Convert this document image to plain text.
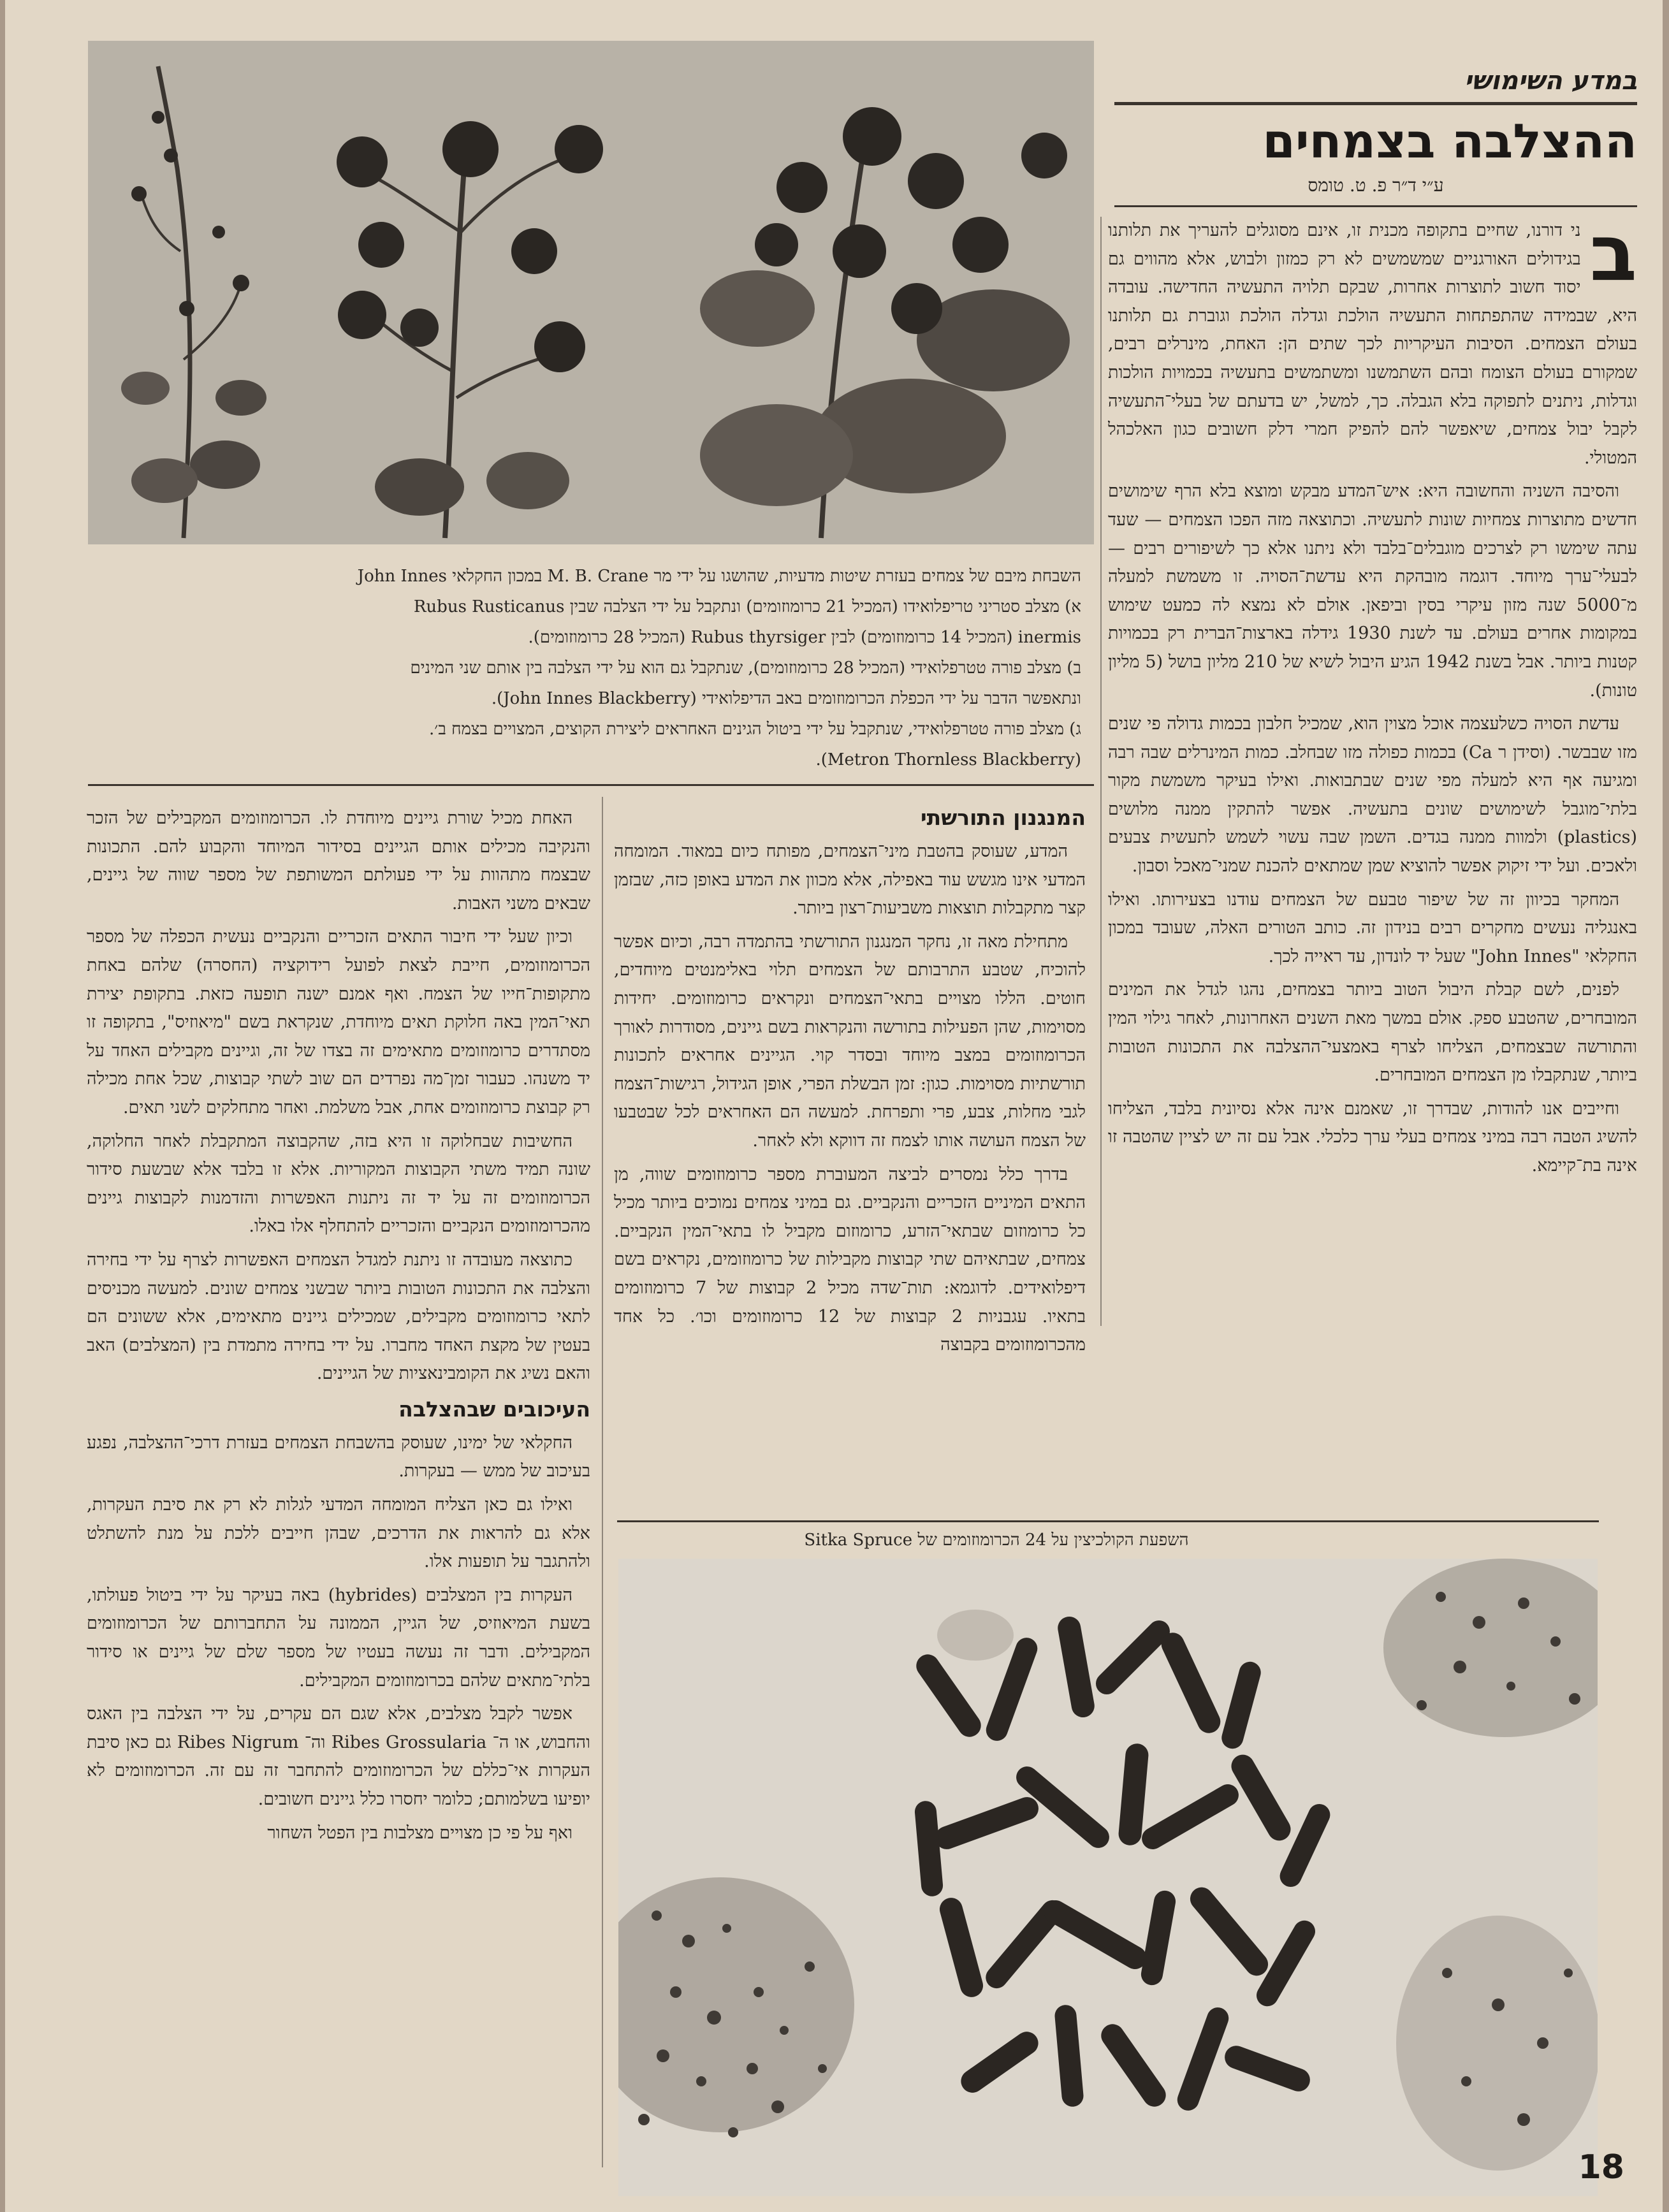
במדע השימושי
ההצלבה בצמחים
ע״י ד״ר פ. ט. טומס
ב

ני דורנו, שחיים בתקופה מכנית זו, אינם מסוגלים להעריך את תלותנו בגידולים האורגניים שמשמשים לא רק כמזון ולבוש, אלא מהווים גם יסוד חשוב לתוצרות אחרות, שבקם תלויה התעשיה החדישה. עובדה היא, שבמידה שהתפתחות התעשיה הולכת וגדלה הולכת וגוברת גם תלותנו בעולם הצמחים. הסיבות העיקריות לכך שתים הן: האחת, מינרלים רבים, שמקורם בעולם הצומח ובהם השתמשנו ומשתמשים בתעשיה בכמויות הולכות וגדלות, ניתנים לתפוקה בלא הגבלה. כך, למשל, יש בדעתם של בעלי־התעשיה לקבל יבול צמחים, שיאפשר להם להפיק חמרי דלק חשובים כגון האלכהל המטולי.

והסיבה השניה והחשובה היא: איש־המדע מבקש ומוצא בלא הרף שימושים חדשים מתוצרות צמחיות שונות לתעשיה. וכתוצאה מזה הפכו הצמחים — שעד עתה שימשו רק לצרכים מוגבלים־בלבד ולא ניתנו אלא כך לשיפורים רבים — לבעלי־ערך מיוחד. דוגמה מובהקת היא עדשת־הסויה. זו משמשת למעלה מ־5000 שנה מזון עיקרי בסין וביפאן. אולם לא נמצא לה כמעט שימוש במקומות אחרים בעולם. עד לשנת 1930 גידלה בארצות־הברית רק בכמויות קטנות ביותר. אבל בשנת 1942 הגיע היבול לשיא של 210 מליון בושל (5 מליון טונות).

עדשת הסויה כשלעצמה אוכל מצוין הוא, שמכיל חלבון בכמות גדולה פי שנים מזו שבבשר. (וסידן ר Ca) בכמות כפולה מזו שבחלב. כמות המינרלים שבה רבה ומגיעה אף היא למעלה מפי שנים שבתבואות. ואילו בעיקר משמשת מקור בלתי־מוגבל לשימושים שונים בתעשיה. אפשר להתקין ממנה מלושים (plastics) ולמוות ממנה בגדים. השמן שבה עשוי לשמש לתעשית צבעים ולאכים. ועל ידי זיקוק אפשר להוציא שמן שמתאים להכנת שמני־מאכל וסבון.

המחקר בכיוון זה של שיפור טבעם של הצמחים עודנו בצעירותו. ואילו באנגליה נעשים מחקרים רבים בנידון זה. כותב הטורים האלה, שעובד במכון החקלאי "John Innes" שעל יד לונדון, עד ראייה לכך.

לפנים, לשם קבלת היבול הטוב ביותר בצמחים, נהגו לגדל את המינים המובחרים, שהטבע ספק. אולם במשך מאת השנים האחרונות, לאחר גילוי המין והתורשה שבצמחים, הצליחו לצרף באמצעי־ההצלבה את התכונות הטובות ביותר, שנתקבלו מן הצמחים המובחרים.

וחייבים אנו להודות, שבדרך זו, שאמנם אינה אלא נסיונית בלבד, הצליחו להשיג הטבה רבה במיני צמחים בעלי ערך כלכלי. אבל עם זה יש לציין שהטבה זו אינה בת־קיימא.

השבחת מיבם של צמחים בעזרת שיטות מדעיות, שהושגו על ידי מר M. B. Crane במכון החקלאי John Innes
א) מצלב סטריני טריפלואידו (המכיל 21 כרומוזומים) ונתקבל על ידי הצלבה שבין Rubus Rusticanus
inermis (המכיל 14 כרומוזומים) לבין Rubus thyrsiger (המכיל 28 כרומוזומים).
ב) מצלב פורה טטרפלואידי (המכיל 28 כרומוזומים), שנתקבל גם הוא על ידי הצלבה בין אותם שני המינים
ונתאפשר הדבר על ידי הכפלת הכרומוזומים באב הדיפלואידי (John Innes Blackberry).
ג) מצלב פורה טטרפלואידי, שנתקבל על ידי ביטול הגינים האחראים ליצירת הקוצים, המצויים בצמח ב׳.
(Metron Thornless Blackberry).
המנגנון התורשתי

המדע, שעוסק בהטבת מיני־הצמחים, מפותח כיום במאוד. המומחה המדעי אינו מגשש עוד באפילה, אלא מכוון את המדע באופן כזה, שבזמן קצר מתקבלות תוצאות משביעות־רצון ביותר.

מתחילת מאה זו, נחקר המנגנון התורשתי בהתמדה רבה, וכיום אפשר להוכיח, שטבע התרבותם של הצמחים תלוי באלימנטים מיוחדים, חוטים. הללו מצויים בתאי־הצמחים ונקראים כרומוזומים. יחידות מסוימות, שהן הפעילות בתורשה והנקראות בשם גיינים, מסודרות לאורך הכרומוזומים במצב מיוחד ובסדר קוי. הגיינים אחראים לתכונות תורשתיות מסוימות. כגון: זמן הבשלת הפרי, אופן הגידול, רגישות־הצמח לגבי מחלות, צבע, פרי ותפרחת. למעשה הם האחראים לכל שבטבעו של הצמח העושה אותו לצמח זה דווקא ולא לאחר.

בדרך כלל נמסרים לביצה המעוברת מספר כרומוזומים שווה, מן התאים המיניים הזכריים והנקביים. גם במיני צמחים נמוכים ביותר מכיל כל כרומוזום שבתאי־הזרע, כרומוזום מקביל לו בתאי־המין הנקביים. צמחים, שבתאיהם שתי קבוצות מקבילות של כרומוזומים, נקראים בשם דיפלואידים. לדוגמא: תות־שדה מכיל 2 קבוצות של 7 כרומוזומים בתאיו. עגבניות 2 קבוצות של 12 כרומוזומים וכו׳. כל אחד מהכרומוזומים בקבוצה

האחת מכיל שורת גיינים מיוחדת לו. הכרומוזומים המקבילים של הזכר והנקיבה מכילים אותם הגיינים בסידור המיוחד והקבוע להם. התכונות שבצמח מתהוות על ידי פעולתם המשותפת של מספר שווה של גיינים, שבאים משני האבות.

וכיון שעל ידי חיבור התאים הזכריים והנקביים נעשית הכפלה של מספר הכרומוזומים, חייבת לצאת לפועל רידוקציה (החסרה) שלהם באחת מתקופות־חייו של הצמח. ואף אמנם ישנה תופעה כזאת. בתקופת יצירת תאי־המין באה חלוקת תאים מיוחדת, שנקראת בשם "מיאוזיס", בתקופה זו מסתדרים כרומוזומים מתאימים זה בצדו של זה, וגיינים מקבילים האחד על יד משנהו. כעבור זמן־מה נפרדים הם שוב לשתי קבוצות, שכל אחת מכילה רק קבוצת כרומוזומים אחת, אבל משלמת. ואחר מתחלקים לשני תאים.

החשיבות שבחלוקה זו היא בזה, שהקבוצה המתקבלת לאחר החלוקה, שונה תמיד משתי הקבוצות המקוריות. אלא זו בלבד אלא שבשעת סידור הכרומוזומים זה על יד זה ניתנות האפשרות והזדמנות לקבוצות גיינים מהכרומוזומים הנקביים והזכריים להתחלף אלו באלו.

כתוצאה מעובדה זו ניתנת למגדל הצמחים האפשרות לצרף על ידי בחירה והצלבה את התכונות הטובות ביותר שבשני צמחים שונים. למעשה מכניסים לתאי כרומוזומים מקבילים, שמכילים גיינים מתאימים, אלא ששונים הם בעטין של מקצת האחד מחברו. על ידי בחירה מתמדת בין (המצלבים) האב והאם נשיג את הקומבינאציות של הגיינים.

העיכובים שבהצלבה

החקלאי של ימינו, שעוסק בהשבחת הצמחים בעזרת דרכי־ההצלבה, נפגע בעיכוב של ממש — בעקרות.

ואילו גם כאן הצליח המומחה המדעי לגלות לא רק את סיבת העקרות, אלא גם להראות את הדרכים, שבהן חייבים ללכת על מנת להשתלט ולהתגבר על תופעות אלו.

העקרות בין המצלבים (hybrides) באה בעיקר על ידי ביטול פעולתו, בשעת המיאוזיס, של הגיין, הממונה על התחברותם של הכרומוזומים המקבילים. ודבר זה נעשה בעטיו של מספר שלם של גיינים או סידור בלתי־מתאים שלהם בכרומוזומים המקבילים.

אפשר לקבל מצלבים, אלא שגם הם עקרים, על ידי הצלבה בין האגס והחבוש, או ה־ Ribes Grossularia וה־ Ribes Nigrum גם כאן סיבת העקרות אי־כללם של הכרומוזומים להתחבר זה עם זה. הכרומוזומים לא יופיעו בשלמותם; כלומר יחסרו כלל גיינים חשובים.

ואף על פי כן מצויים מצלבות בין הפטל השחור

השפעת הקולכיצין על 24 הכרומוזומים של Sitka Spruce
18
